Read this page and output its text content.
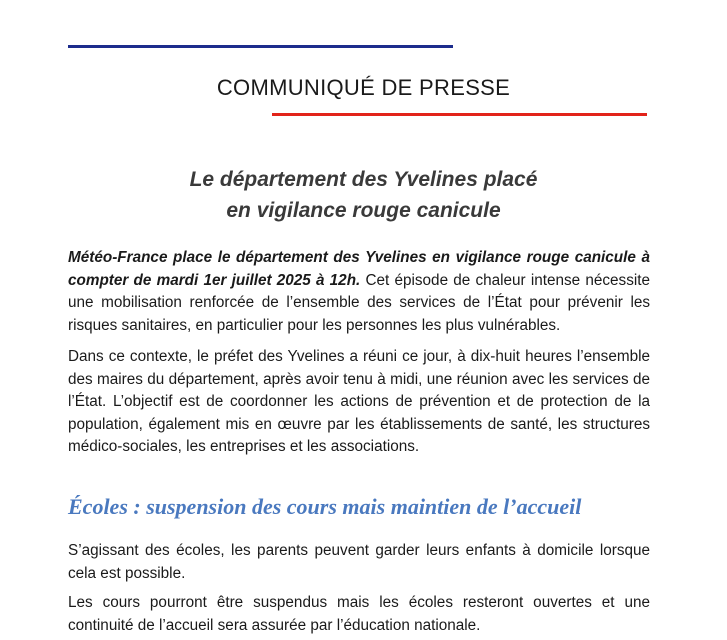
COMMUNIQUÉ DE PRESSE
Le département des Yvelines placé
en vigilance rouge canicule

Météo-France place le département des Yvelines en vigilance rouge canicule à compter de mardi 1er juillet 2025 à 12h. Cet épisode de chaleur intense nécessite une mobilisation renforcée de l’ensemble des services de l’État pour prévenir les risques sanitaires, en particulier pour les personnes les plus vulnérables.

Dans ce contexte, le préfet des Yvelines a réuni ce jour, à dix-huit heures l’ensemble des maires du département, après avoir tenu à midi, une réunion avec les services de l’État. L’objectif est de coordonner les actions de prévention et de protection de la population, également mis en œuvre par les établissements de santé, les structures médico-sociales, les entreprises et les associations.

Écoles : suspension des cours mais maintien de l’accueil

S’agissant des écoles, les parents peuvent garder leurs enfants à domicile lorsque cela est possible.

Les cours pourront être suspendus mais les écoles resteront ouvertes et une continuité de l’accueil sera assurée par l’éducation nationale.
